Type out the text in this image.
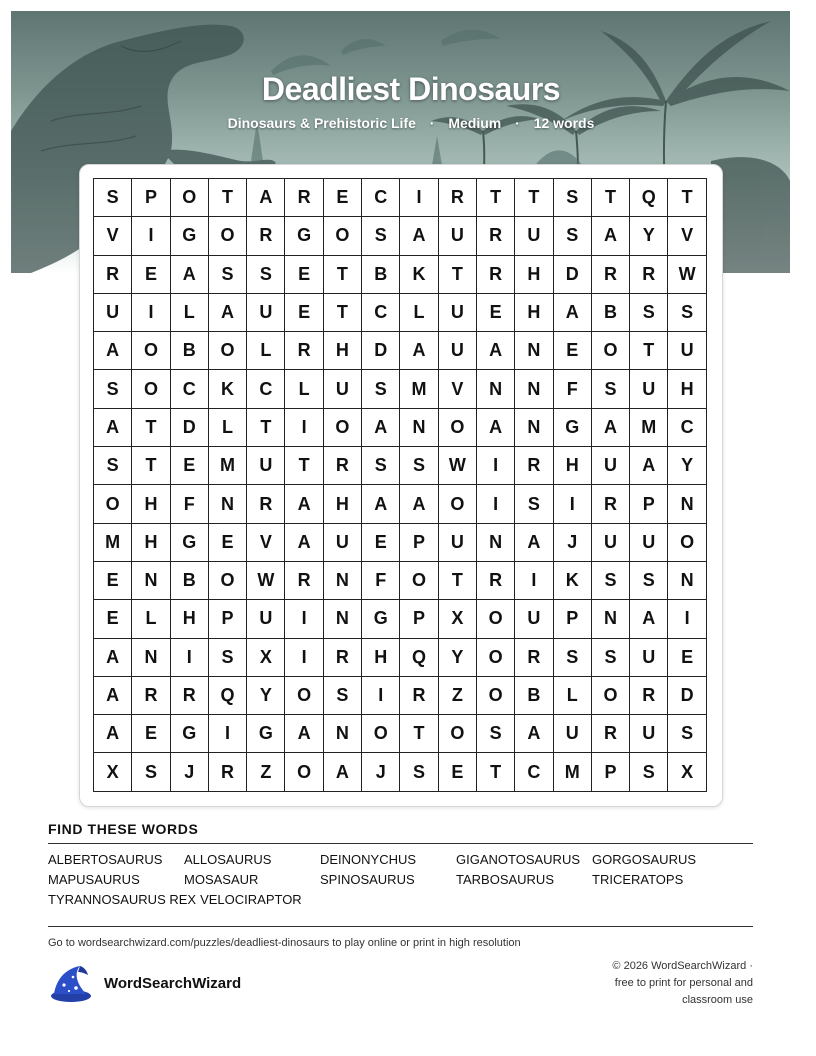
Deadliest Dinosaurs
Dinosaurs & Prehistoric Life · Medium · 12 words
S	P	O	T	A	R	E	C	I	R	T	T	S	T	Q	T
V	I	G	O	R	G	O	S	A	U	R	U	S	A	Y	V
R	E	A	S	S	E	T	B	K	T	R	H	D	R	R	W
U	I	L	A	U	E	T	C	L	U	E	H	A	B	S	S
A	O	B	O	L	R	H	D	A	U	A	N	E	O	T	U
S	O	C	K	C	L	U	S	M	V	N	N	F	S	U	H
A	T	D	L	T	I	O	A	N	O	A	N	G	A	M	C
S	T	E	M	U	T	R	S	S	W	I	R	H	U	A	Y
O	H	F	N	R	A	H	A	A	O	I	S	I	R	P	N
M	H	G	E	V	A	U	E	P	U	N	A	J	U	U	O
E	N	B	O	W	R	N	F	O	T	R	I	K	S	S	N
E	L	H	P	U	I	N	G	P	X	O	U	P	N	A	I
A	N	I	S	X	I	R	H	Q	Y	O	R	S	S	U	E
A	R	R	Q	Y	O	S	I	R	Z	O	B	L	O	R	D
A	E	G	I	G	A	N	O	T	O	S	A	U	R	U	S
X	S	J	R	Z	O	A	J	S	E	T	C	M	P	S	X
FIND THESE WORDS
ALBERTOSAURUS	ALLOSAURUS	DEINONYCHUS	GIGANOTOSAURUS GORGOSAURUS
MAPUSAURUS	MOSASAUR	SPINOSAURUS	TARBOSAURUS	TRICERATOPS
TYRANNOSAURUS REX VELOCIRAPTOR
Go to wordsearchwizard.com/puzzles/deadliest-dinosaurs to play online or print in high resolution
WordSearchWizard
© 2026 WordSearchWizard ·
free to print for personal and
classroom use
